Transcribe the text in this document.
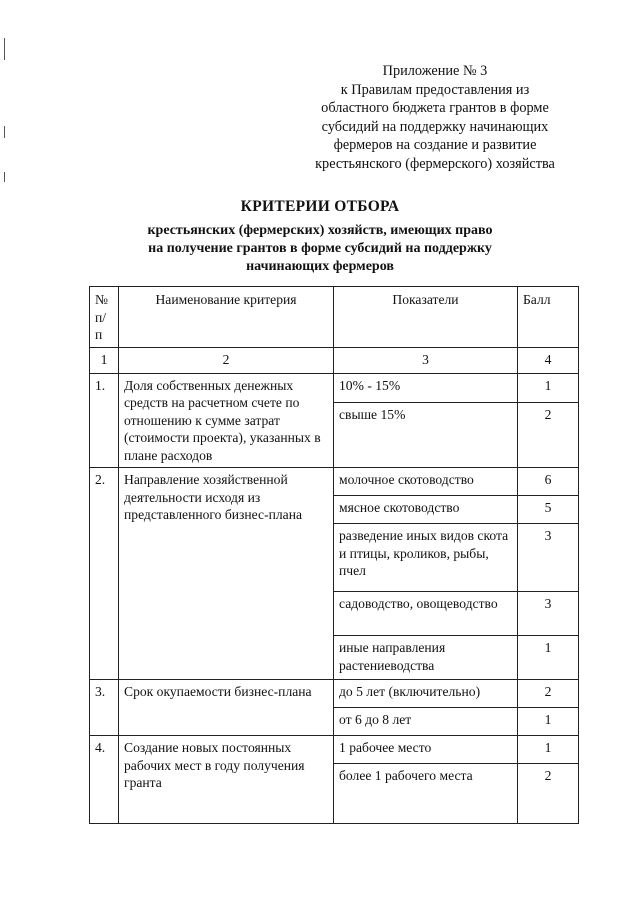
Приложение № 3
к Правилам предоставления из
областного бюджета грантов в форме
субсидий на поддержку начинающих
фермеров на создание и развитие
крестьянского (фермерского) хозяйства
КРИТЕРИИ ОТБОРА
крестьянских (фермерских) хозяйств, имеющих право
на получение грантов в форме субсидий на поддержку
начинающих фермеров
№ п/п	Наименование критерия	Показатели	Балл
1	2	3	4
1.	Доля собственных денежных средств на расчетном счете по отношению к сумме затрат (стоимости проекта), указанных в плане расходов	10% - 15%	1
		свыше 15%	2
2.	Направление хозяйственной деятельности исходя из представленного бизнес-плана	молочное скотоводство	6
		мясное скотоводство	5
		разведение иных видов скота и птицы, кроликов, рыбы, пчел	3
		садоводство, овощеводство	3
		иные направления растениеводства	1
3.	Срок окупаемости бизнес-плана	до 5 лет (включительно)	2
		от 6 до 8 лет	1
4.	Создание новых постоянных рабочих мест в году получения гранта	1 рабочее место	1
		более 1 рабочего места	2
